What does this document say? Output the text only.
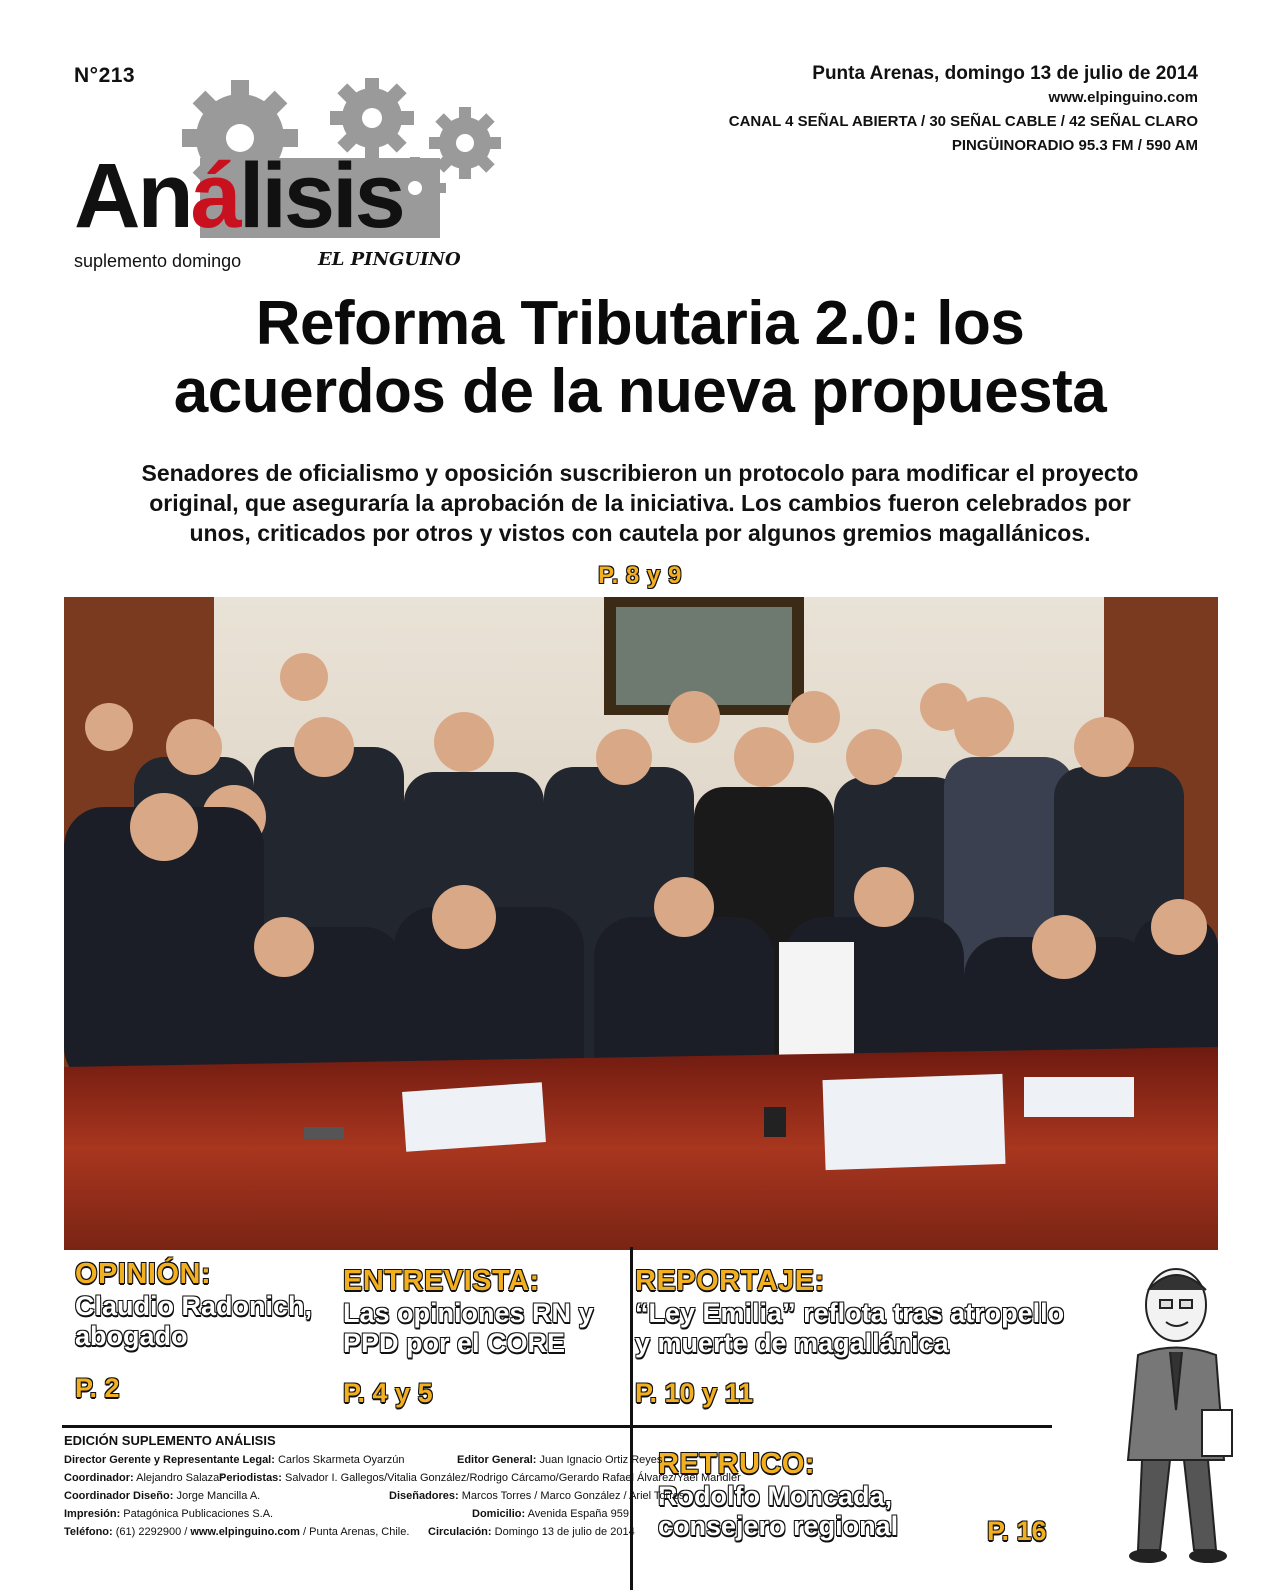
N°213	Punta Arenas, domingo 13 de julio de 2014
www.elpinguino.com
CANAL 4 SEÑAL ABIERTA / 30 SEÑAL CABLE / 42 SEÑAL CLARO
PINGÜINORADIO 95.3 FM / 590 AM
Análisis
suplemento domingo	EL PINGUINO
Reforma Tributaria 2.0: los
acuerdos de la nueva propuesta
Senadores de oficialismo y oposición suscribieron un protocolo para modificar el proyecto
original, que aseguraría la aprobación de la iniciativa. Los cambios fueron celebrados por
unos, criticados por otros y vistos con cautela por algunos gremios magallánicos.
P. 8 y 9
OPINIÓN:
Claudio Radonich,
abogado
P. 2
ENTREVISTA:
Las opiniones RN y
PPD por el CORE
P. 4 y 5
REPORTAJE:
“Ley Emilia” reflota tras atropello
y muerte de magallánica
P. 10 y 11
RETRUCO:
Rodolfo Moncada,
consejero regional	P. 16
EDICIÓN SUPLEMENTO ANÁLISIS
Director Gerente y Representante Legal: Carlos Skarmeta Oyarzún	Editor General: Juan Ignacio Ortiz Reyes
Coordinador: Alejandro Salazar
Periodistas: Salvador I. Gallegos/Vitalia González/Rodrigo Cárcamo/Gerardo Rafael Álvarez/Yael Mandler
Coordinador Diseño: Jorge Mancilla A.	Diseñadores: Marcos Torres / Marco González / Ariel Torres
Impresión: Patagónica Publicaciones S.A.	Domicilio: Avenida España 959
Teléfono: (61) 2292900 / www.elpinguino.com / Punta Arenas, Chile. Circulación: Domingo 13 de julio de 2014
